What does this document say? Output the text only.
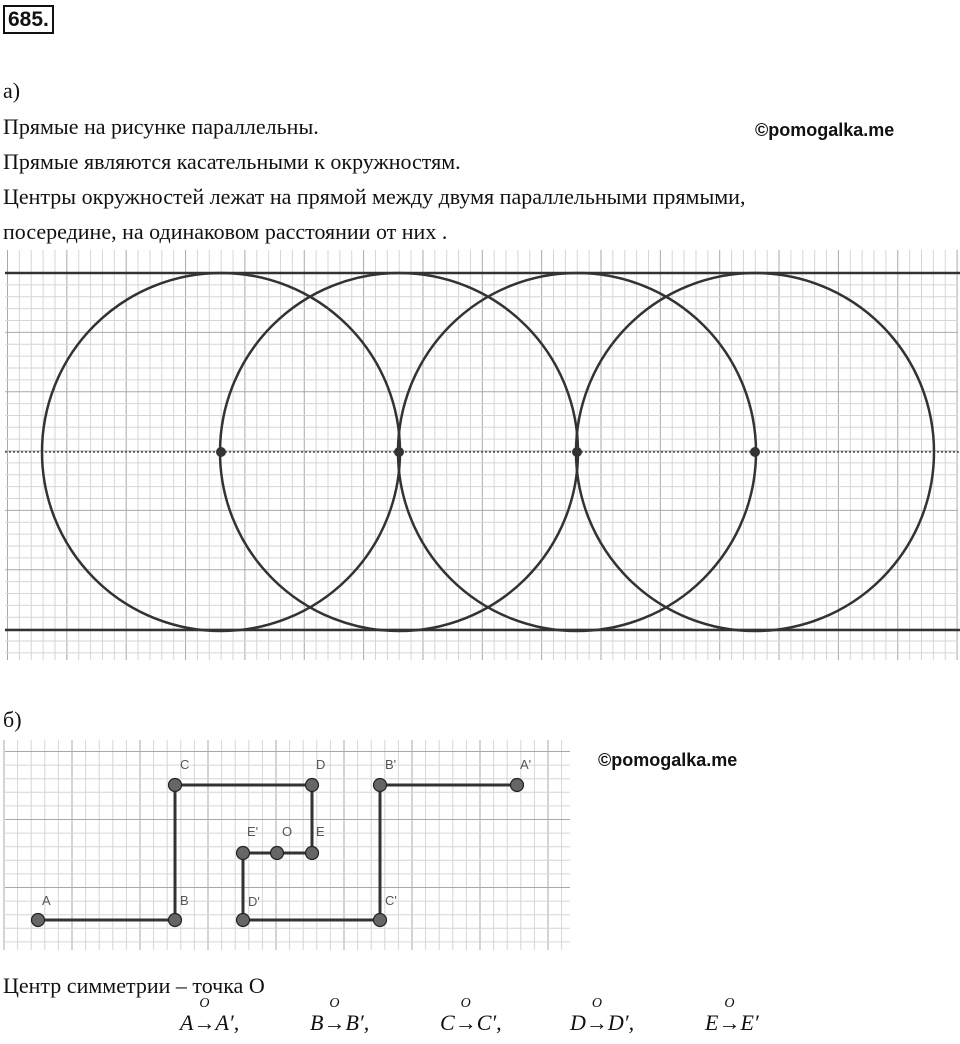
685.
а)
Прямые на рисунке параллельны.
Прямые являются касательными к окружностям.
Центры окружностей лежат на прямой между двумя параллельными прямыми,
посередине, на одинаковом расстоянии от них .
©pomogalka.me
б)
©pomogalka.me
A	B
C	D
E' O E
D'
B'	A'
C'
Центр симметрии – точка O
A
O
→A′,	B
O
→B′,	C
O
→C′,	D
O
→D′,	E
O
→E′
